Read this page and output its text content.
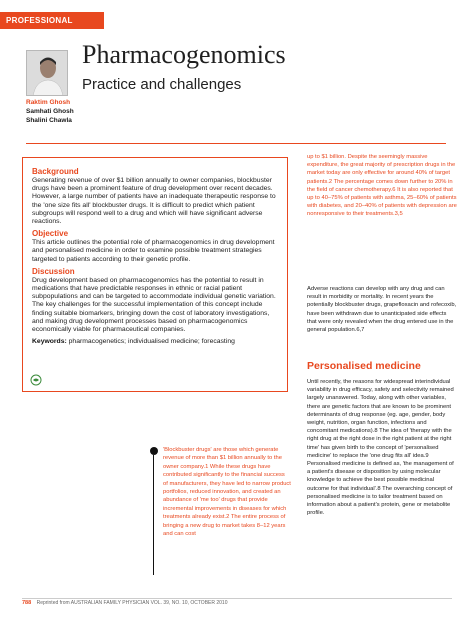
PROFESSIONAL
Pharmacogenomics
Practice and challenges
Raktim Ghosh
Samhati Ghosh
Shalini Chawla
Background

Generating revenue of over $1 billion annually to owner companies, blockbuster drugs have been a prominent feature of drug development over recent decades. However, a large number of patients have an inadequate therapeutic response to the 'one size fits all' blockbuster drugs. It is difficult to predict which patient subgroups will respond well to a drug and which will have significant adverse reactions.

Objective

This article outlines the potential role of pharmacogenomics in drug development and personalised medicine in order to examine possible treatment strategies targeted to patients according to their genetic profile.

Discussion

Drug development based on pharmacogenomics has the potential to result in medications that have predictable responses in ethnic or racial patient subpopulations and can be targeted to accommodate individual genetic variation. The key challenges for the successful implementation of this concept include finding suitable biomarkers, bringing down the cost of laboratory investigations, and making drug development processes based on pharmacogenomics economically viable for pharmaceutical companies.

Keywords: pharmacogenetics; individualised medicine; forecasting
up to $1 billion. Despite the seemingly massive expenditure, the great majority of prescription drugs in the market today are only effective for around 40% of target patients.2 The percentage comes down further to 20% in the field of cancer chemotherapy.6 It is also reported that up to 40–75% of patients with asthma, 25–60% of patients with diabetes, and 20–40% of patients with depression are nonresponsive to their treatments.3,5
Adverse reactions can develop with any drug and can result in morbidity or mortality. In recent years the potentially blockbuster drugs, grapefloxacin and rofecoxib, have been withdrawn due to unanticipated side effects that were only revealed when the drug entered use in the general population.6,7
Personalised medicine
Until recently, the reasons for widespread interindividual variability in drug efficacy, safety and selectivity remained largely unanswered. Today, along with other variables, there are genetic factors that are known to be prominent determinants of drug response (eg. age, gender, body weight, nutrition, organ function, infections and concomitant medications).8 The idea of 'therapy with the right drug at the right dose in the right patient at the right time' has given birth to the concept of 'personalised medicine' to replace the 'one drug fits all' idea.9 Personalised medicine is defined as, 'the management of a patient's disease or disposition by using molecular knowledge to achieve the best possible medicinal outcome for that individual'.8 The overarching concept of personalised medicine is to tailor treatment based on information about a patient's protein, gene or metabolite profile.
'Blockbuster drugs' are those which generate revenue of more than $1 billion annually to the owner company.1 While these drugs have contributed significantly to the financial success of manufacturers, they have led to narrow product portfolios, reduced innovation, and created an abundance of 'me too' drugs that provide incremental improvements in diseases for which treatments already exist.2 The entire process of bringing a new drug to market takes 8–12 years and can cost
788 Reprinted from AUSTRALIAN FAMILY PHYSICIAN VOL. 39, NO. 10, OCTOBER 2010
